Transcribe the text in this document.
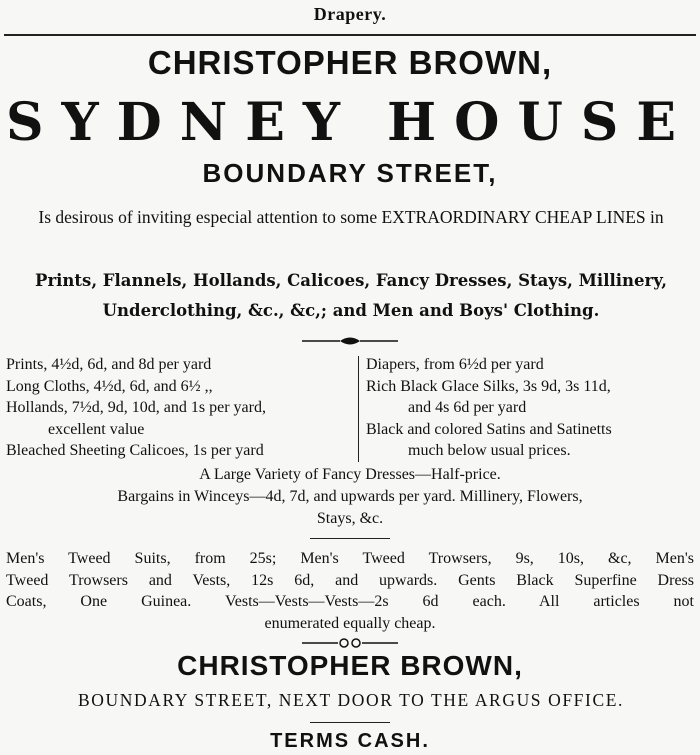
Drapery.
CHRISTOPHER BROWN,
SYDNEY HOUSE
BOUNDARY STREET,
Is desirous of inviting especial attention to some EXTRAORDINARY CHEAP LINES in
Prints, Flannels, Hollands, Calicoes, Fancy Dresses, Stays, Millinery,
Underclothing, &c., &c,; and Men and Boys' Clothing.
Prints, 4½d, 6d, and 8d per yard
Long Cloths, 4½d, 6d, and 6½ ,,
Hollands, 7½d, 9d, 10d, and 1s per yard,
excellent value
Bleached Sheeting Calicoes, 1s per yard
Diapers, from 6½d per yard
Rich Black Glace Silks, 3s 9d, 3s 11d,
and 4s 6d per yard
Black and colored Satins and Satinetts
much below usual prices.
A Large Variety of Fancy Dresses—Half-price.
Bargains in Winceys—4d, 7d, and upwards per yard. Millinery, Flowers,
Stays, &c.
Men's Tweed Suits, from 25s; Men's Tweed Trowsers, 9s, 10s, &c, Men's
Tweed Trowsers and Vests, 12s 6d, and upwards. Gents Black Superfine Dress
Coats, One Guinea. Vests—Vests—Vests—2s 6d each. All articles not
enumerated equally cheap.
CHRISTOPHER BROWN,
BOUNDARY STREET, NEXT DOOR TO THE ARGUS OFFICE.
TERMS CASH.
